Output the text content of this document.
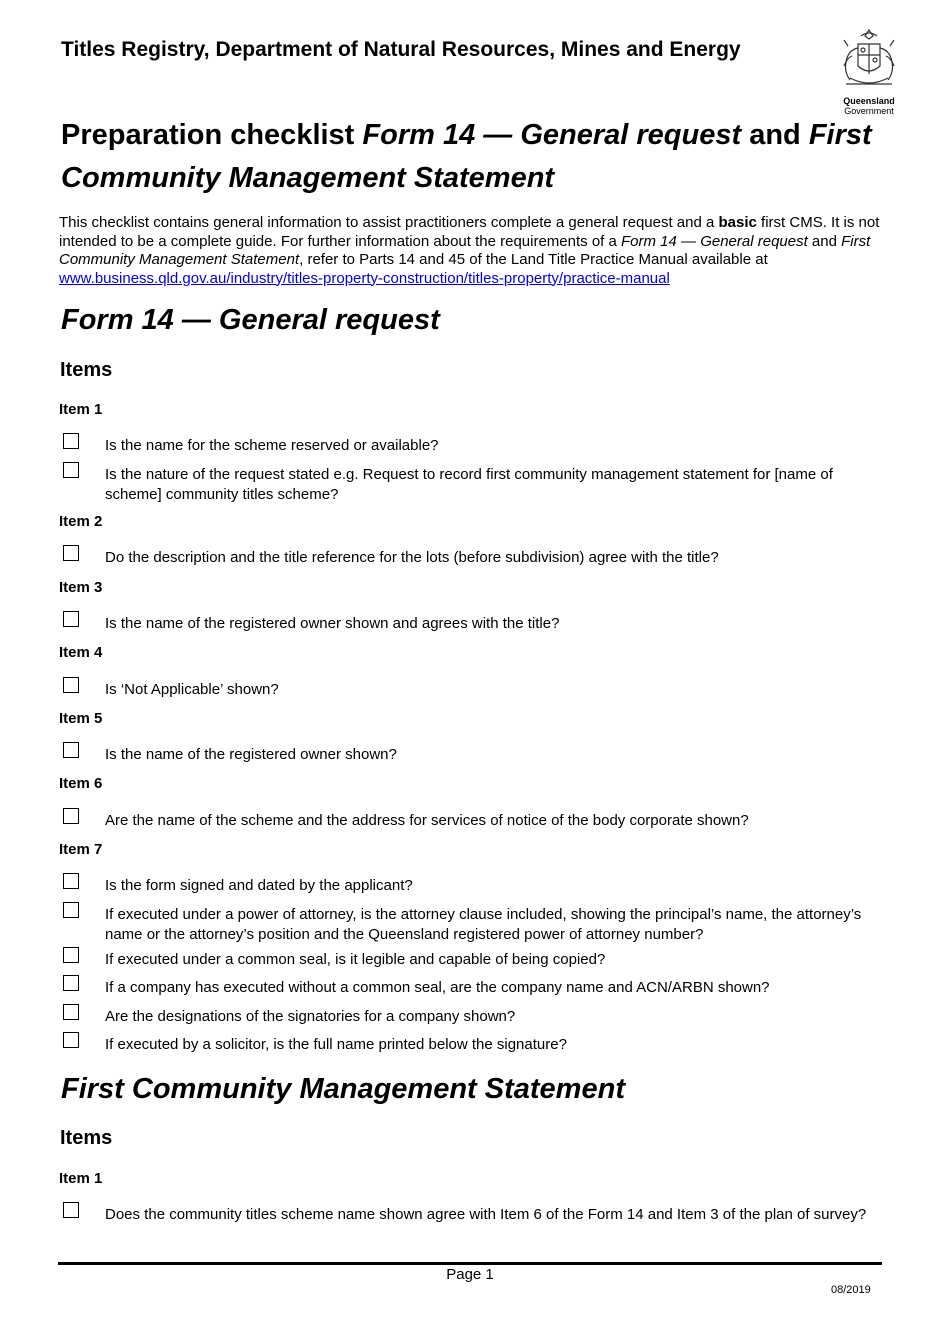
Titles Registry, Department of Natural Resources, Mines and Energy
Queensland
Government
Preparation checklist Form 14 — General request and First Community Management Statement
This checklist contains general information to assist practitioners complete a general request and a basic first CMS. It is not intended to be a complete guide. For further information about the requirements of a Form 14 — General request and First Community Management Statement, refer to Parts 14 and 45 of the Land Title Practice Manual available at www.business.qld.gov.au/industry/titles-property-construction/titles-property/practice-manual
Form 14 — General request
Items
Item 1
Is the name for the scheme reserved or available?
Is the nature of the request stated e.g. Request to record first community management statement for [name of scheme] community titles scheme?
Item 2
Do the description and the title reference for the lots (before subdivision) agree with the title?
Item 3
Is the name of the registered owner shown and agrees with the title?
Item 4
Is ‘Not Applicable’ shown?
Item 5
Is the name of the registered owner shown?
Item 6
Are the name of the scheme and the address for services of notice of the body corporate shown?
Item 7
Is the form signed and dated by the applicant?
If executed under a power of attorney, is the attorney clause included, showing the principal’s name, the attorney’s name or the attorney’s position and the Queensland registered power of attorney number?
If executed under a common seal, is it legible and capable of being copied?
If a company has executed without a common seal, are the company name and ACN/ARBN shown?
Are the designations of the signatories for a company shown?
If executed by a solicitor, is the full name printed below the signature?
First Community Management Statement
Items
Item 1
Does the community titles scheme name shown agree with Item 6 of the Form 14 and Item 3 of the plan of survey?
Page 1
08/2019
